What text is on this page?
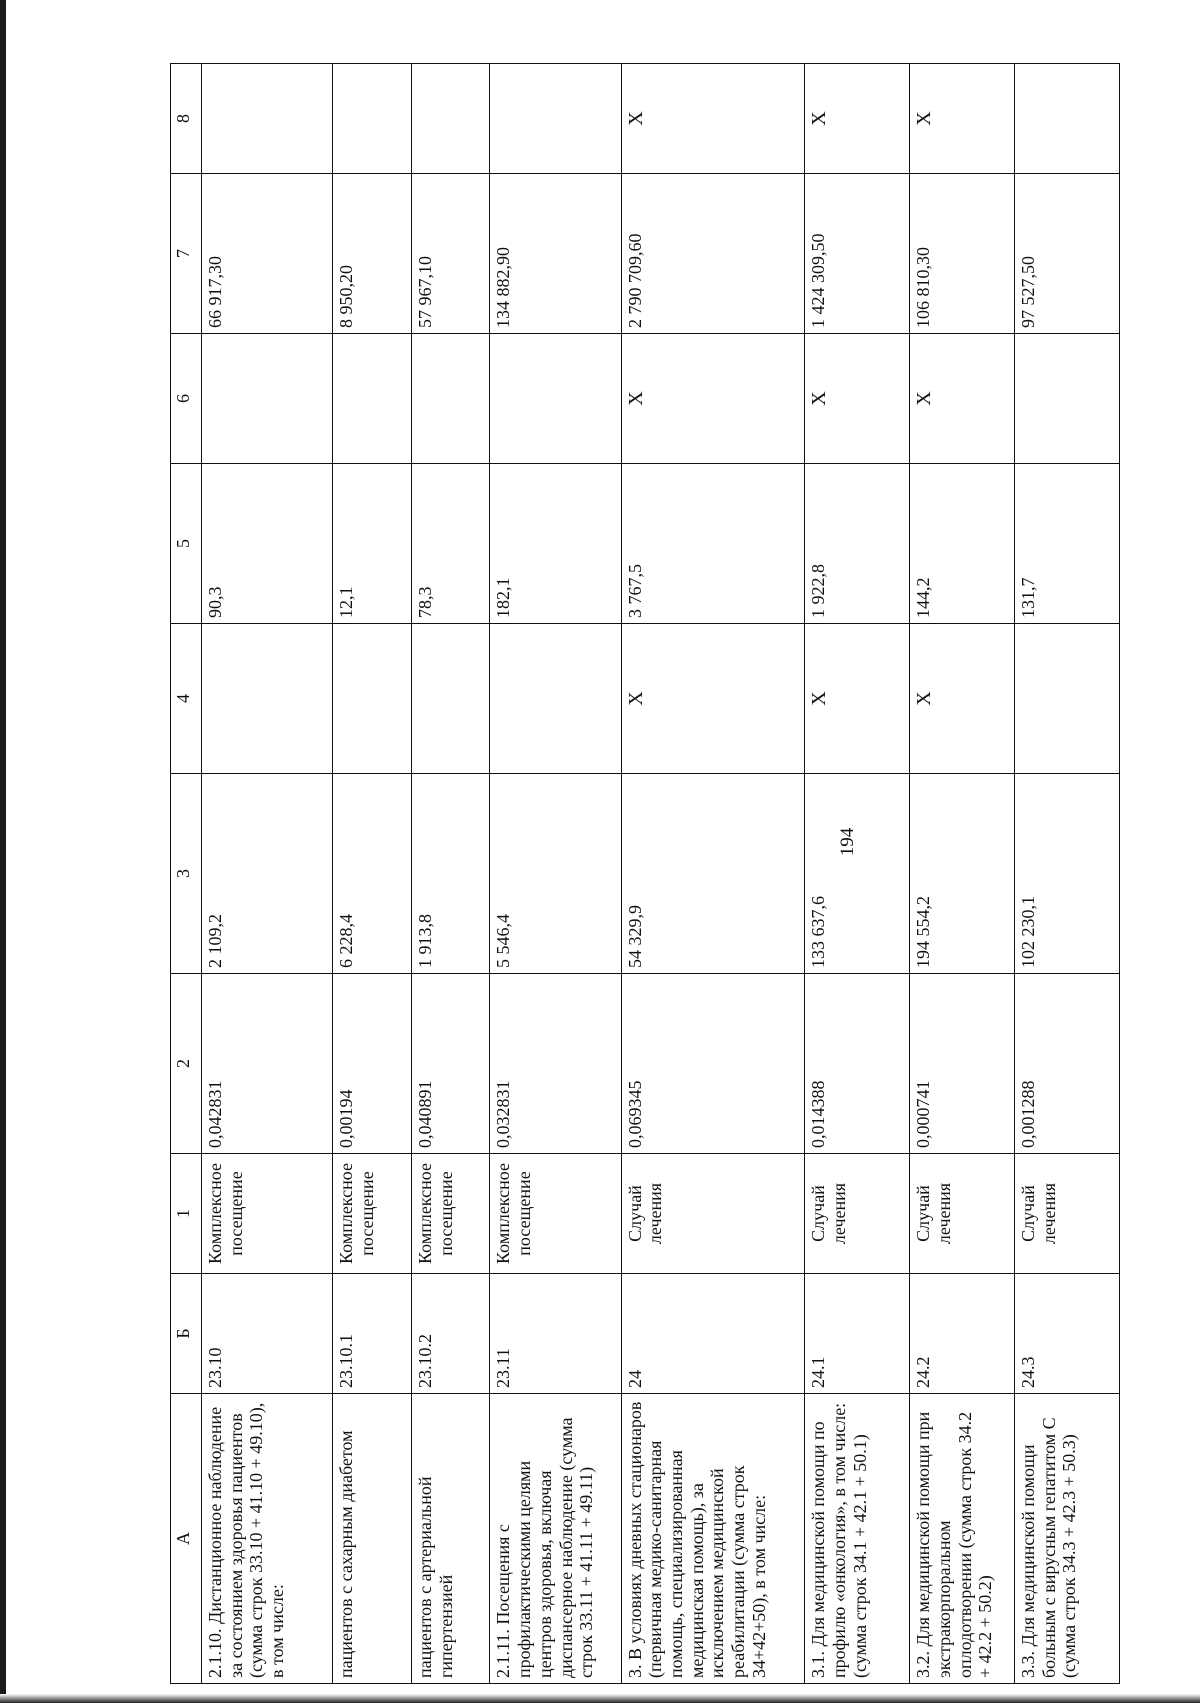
194
А	Б	1	2	3	4	5	6	7	8
2.1.10. Дистанционное наблюдение за состоянием здоровья пациентов (сумма строк 33.10 + 41.10 + 49.10), в том числе:	23.10	Комплексное посещение	0,042831	2 109,2		90,3		66 917,30	
пациентов с сахарным диабетом	23.10.1	Комплексное посещение	0,00194	6 228,4		12,1		8 950,20	
пациентов с артериальной гипертензией	23.10.2	Комплексное посещение	0,040891	1 913,8		78,3		57 967,10	
2.1.11. Посещения с профилактическими целями центров здоровья, включая диспансерное наблюдение (сумма строк 33.11 + 41.11 + 49.11)	23.11	Комплексное посещение	0,032831	5 546,4		182,1		134 882,90	
3. В условиях дневных стационаров (первичная медико-санитарная помощь, специализированная медицинская помощь), за исключением медицинской реабилитации (сумма строк 34+42+50), в том числе:	24	Случай лечения	0,069345	54 329,9	X	3 767,5	X	2 790 709,60	X
3.1. Для медицинской помощи по профилю «онкология», в том числе: (сумма строк 34.1 + 42.1 + 50.1)	24.1	Случай лечения	0,014388	133 637,6	X	1 922,8	X	1 424 309,50	X
3.2. Для медицинской помощи при экстракорпоральном оплодотворении (сумма строк 34.2 + 42.2 + 50.2)	24.2	Случай лечения	0,000741	194 554,2	X	144,2	X	106 810,30	X
3.3. Для медицинской помощи больным с вирусным гепатитом С (сумма строк 34.3 + 42.3 + 50.3)	24.3	Случай лечения	0,001288	102 230,1		131,7		97 527,50	
